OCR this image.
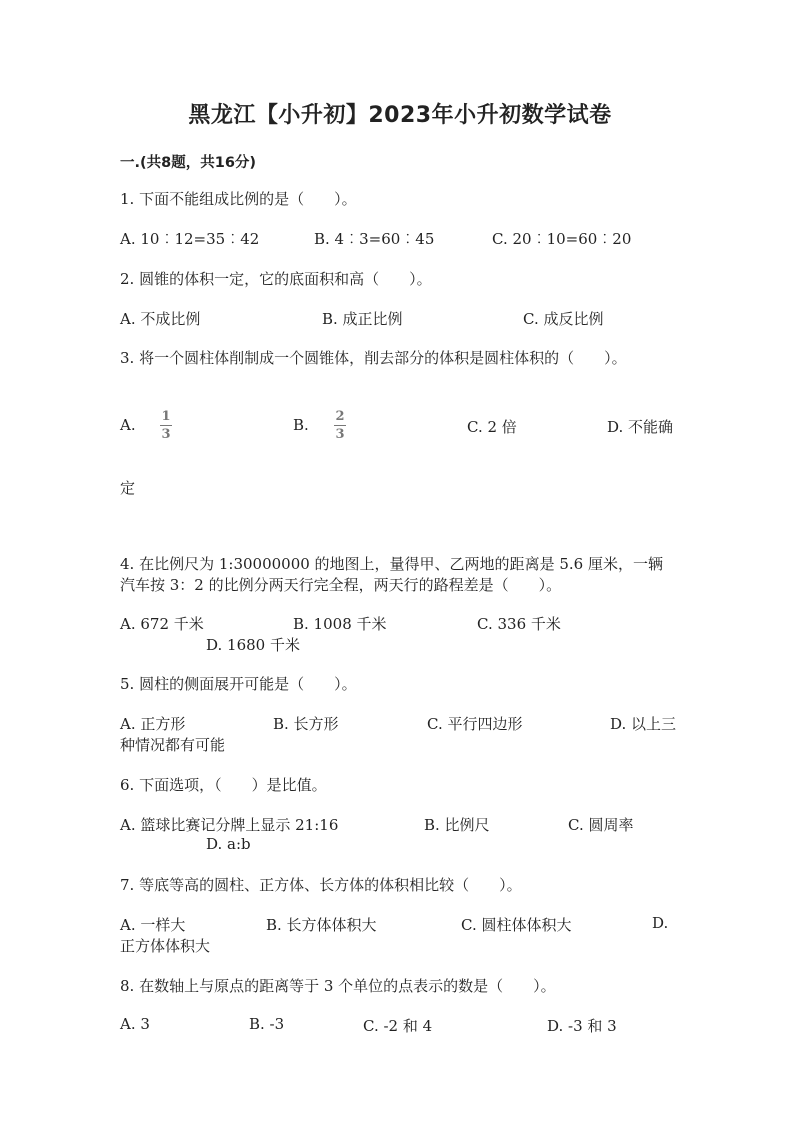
黑龙江【小升初】2023年小升初数学试卷
一.(共8题，共16分)
1. 下面不能组成比例的是（　　）。
A. 10︰12=35︰42	B. 4︰3=60︰45	C. 20︰10=60︰20
2. 圆锥的体积一定，它的底面积和高（　　）。
A. 不成比例	B. 成正比例	C. 成反比例
3. 将一个圆柱体削制成一个圆锥体，削去部分的体积是圆柱体积的（　　）。
A. 1
3
B. 2
3	C. 2 倍	D. 不能确
定
4. 在比例尺为 1:30000000 的地图上，量得甲、乙两地的距离是 5.6 厘米，一辆
汽车按 3：2 的比例分两天行完全程，两天行的路程差是（　　）。
A. 672 千米	B. 1008 千米	C. 336 千米
D. 1680 千米
5. 圆柱的侧面展开可能是（　　）。
A. 正方形	B. 长方形	C. 平行四边形	D. 以上三
种情况都有可能
6. 下面选项，（　　）是比值。
A. 篮球比赛记分牌上显示 21:16	B. 比例尺	C. 圆周率
D. a:b
7. 等底等高的圆柱、正方体、长方体的体积相比较（　　）。
A. 一样大	B. 长方体体积大	C. 圆柱体体积大	D.
正方体体积大
8. 在数轴上与原点的距离等于 3 个单位的点表示的数是（　　）。
A. 3	B. -3	C. -2 和 4	D. -3 和 3
